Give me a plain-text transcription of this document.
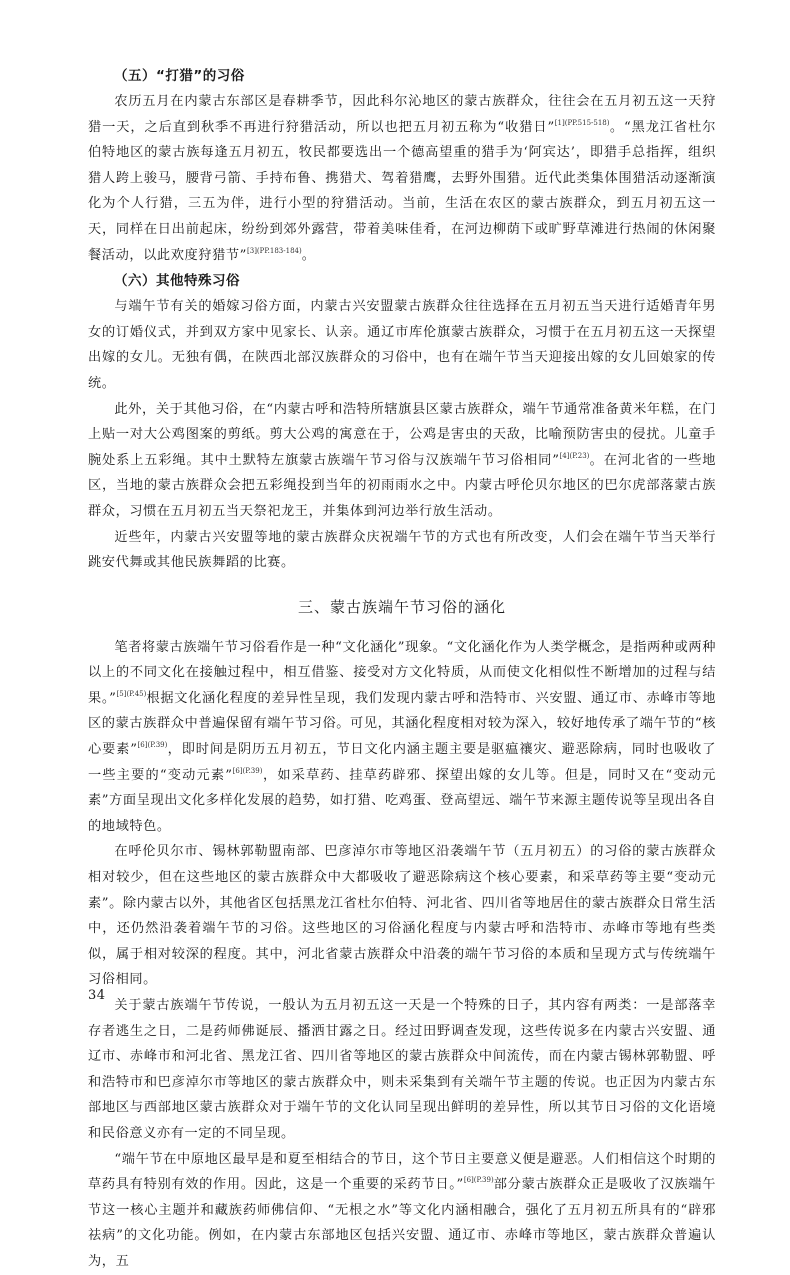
（五）“打猎”的习俗

农历五月在内蒙古东部区是春耕季节，因此科尔沁地区的蒙古族群众，往往会在五月初五这一天狩猎一天，之后直到秋季不再进行狩猎活动，所以也把五月初五称为“收猎日”$^{[1](PP.515-518)}$。“黑龙江省杜尔伯特地区的蒙古族每逢五月初五，牧民都要选出一个德高望重的猎手为‘阿宾达’，即猎手总指挥，组织猎人跨上骏马，腰背弓箭、手持布鲁、携猎犬、驾着猎鹰，去野外围猎。近代此类集体围猎活动逐渐演化为个人行猎，三五为伴，进行小型的狩猎活动。当前，生活在农区的蒙古族群众，到五月初五这一天，同样在日出前起床，纷纷到郊外露营，带着美味佳肴，在河边柳荫下或旷野草滩进行热闹的休闲聚餐活动，以此欢度狩猎节”$^{[3](PP.183-184)}$。

（六）其他特殊习俗

与端午节有关的婚嫁习俗方面，内蒙古兴安盟蒙古族群众往往选择在五月初五当天进行适婚青年男女的订婚仪式，并到双方家中见家长、认亲。通辽市库伦旗蒙古族群众，习惯于在五月初五这一天探望出嫁的女儿。无独有偶，在陕西北部汉族群众的习俗中，也有在端午节当天迎接出嫁的女儿回娘家的传统。

此外，关于其他习俗，在“内蒙古呼和浩特所辖旗县区蒙古族群众，端午节通常准备黄米年糕，在门上贴一对大公鸡图案的剪纸。剪大公鸡的寓意在于，公鸡是害虫的天敌，比喻预防害虫的侵扰。儿童手腕处系上五彩绳。其中土默特左旗蒙古族端午节习俗与汉族端午节习俗相同”$^{[4](P.23)}$。在河北省的一些地区，当地的蒙古族群众会把五彩绳投到当年的初雨雨水之中。内蒙古呼伦贝尔地区的巴尔虎部落蒙古族群众，习惯在五月初五当天祭祀龙王，并集体到河边举行放生活动。

近些年，内蒙古兴安盟等地的蒙古族群众庆祝端午节的方式也有所改变，人们会在端午节当天举行跳安代舞或其他民族舞蹈的比赛。

三、蒙古族端午节习俗的涵化

笔者将蒙古族端午节习俗看作是一种“文化涵化”现象。“文化涵化作为人类学概念，是指两种或两种以上的不同文化在接触过程中，相互借鉴、接受对方文化特质，从而使文化相似性不断增加的过程与结果。”$^{[5](P.45)}$根据文化涵化程度的差异性呈现，我们发现内蒙古呼和浩特市、兴安盟、通辽市、赤峰市等地区的蒙古族群众中普遍保留有端午节习俗。可见，其涵化程度相对较为深入，较好地传承了端午节的“核心要素”$^{[6](P.39)}$，即时间是阴历五月初五，节日文化内涵主题主要是驱瘟禳灾、避恶除病，同时也吸收了一些主要的“变动元素”$^{[6](P.39)}$，如采草药、挂草药辟邪、探望出嫁的女儿等。但是，同时又在“变动元素”方面呈现出文化多样化发展的趋势，如打猎、吃鸡蛋、登高望远、端午节来源主题传说等呈现出各自的地域特色。

在呼伦贝尔市、锡林郭勒盟南部、巴彦淖尔市等地区沿袭端午节（五月初五）的习俗的蒙古族群众相对较少，但在这些地区的蒙古族群众中大都吸收了避恶除病这个核心要素，和采草药等主要“变动元素”。除内蒙古以外，其他省区包括黑龙江省杜尔伯特、河北省、四川省等地居住的蒙古族群众日常生活中，还仍然沿袭着端午节的习俗。这些地区的习俗涵化程度与内蒙古呼和浩特市、赤峰市等地有些类似，属于相对较深的程度。其中，河北省蒙古族群众中沿袭的端午节习俗的本质和呈现方式与传统端午习俗相同。

关于蒙古族端午节传说，一般认为五月初五这一天是一个特殊的日子，其内容有两类：一是部落幸存者逃生之日，二是药师佛诞辰、播洒甘露之日。经过田野调查发现，这些传说多在内蒙古兴安盟、通辽市、赤峰市和河北省、黑龙江省、四川省等地区的蒙古族群众中间流传，而在内蒙古锡林郭勒盟、呼和浩特市和巴彦淖尔市等地区的蒙古族群众中，则未采集到有关端午节主题的传说。也正因为内蒙古东部地区与西部地区蒙古族群众对于端午节的文化认同呈现出鲜明的差异性，所以其节日习俗的文化语境和民俗意义亦有一定的不同呈现。

“端午节在中原地区最早是和夏至相结合的节日，这个节日主要意义便是避恶。人们相信这个时期的草药具有特别有效的作用。因此，这是一个重要的采药节日。”$^{[6](P.39)}$部分蒙古族群众正是吸收了汉族端午节这一核心主题并和藏族药师佛信仰、“无根之水”等文化内涵相融合，强化了五月初五所具有的“辟邪祛病”的文化功能。例如，在内蒙古东部地区包括兴安盟、通辽市、赤峰市等地区，蒙古族群众普遍认为，五

34
